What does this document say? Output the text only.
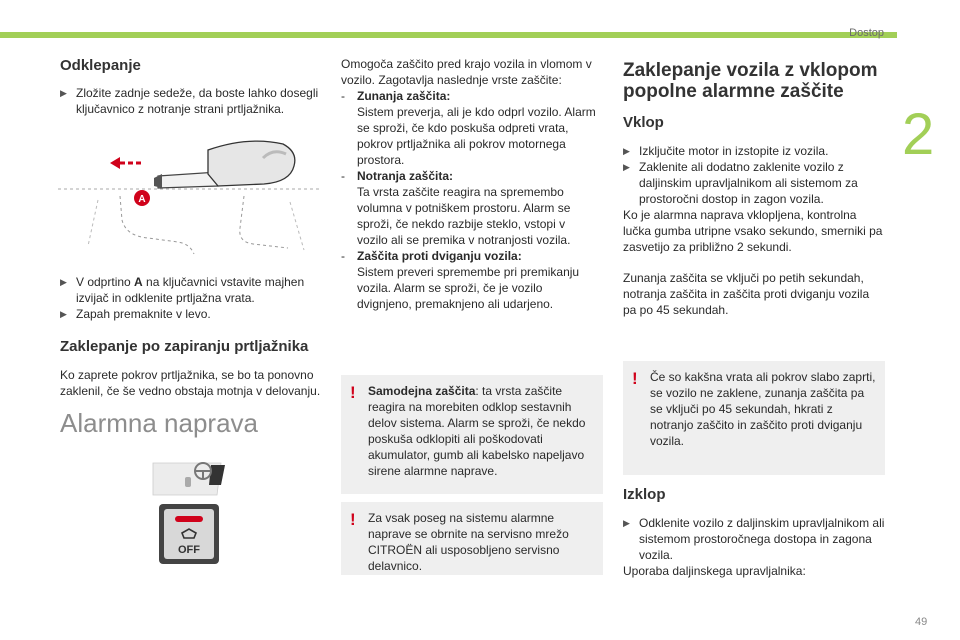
Dostop
2
49
Odklepanje
▶ Zložite zadnje sedeže, da boste lahko dosegli ključavnico z notranje strani prtljažnika.
A
▶ V odprtino A na ključavnici vstavite majhen izvijač in odklenite prtljažna vrata.
▶ Zapah premaknite v levo.
Zaklepanje po zapiranju prtljažnika

Ko zaprete pokrov prtljažnika, se bo ta ponovno zaklenil, če še vedno obstaja motnja v delovanju.

Alarmna naprava
OFF

Omogoča zaščito pred krajo vozila in vlomom v vozilo. Zagotavlja naslednje vrste zaščite:

-	Zunanja zaščita:
Sistem preverja, ali je kdo odprl vozilo. Alarm se sproži, če kdo poskuša odpreti vrata, pokrov prtljažnika ali pokrov motornega prostora.
-	Notranja zaščita:
Ta vrsta zaščite reagira na spremembo volumna v potniškem prostoru. Alarm se sproži, če nekdo razbije steklo, vstopi v vozilo ali se premika v notranjosti vozila.
-	Zaščita proti dviganju vozila:
Sistem preveri spremembe pri premikanju vozila. Alarm se sproži, če je vozilo dvignjeno, premaknjeno ali udarjeno.
! Samodejna zaščita: ta vrsta zaščite reagira na morebiten odklop sestavnih delov sistema. Alarm se sproži, če nekdo poskuša odklopiti ali poškodovati akumulator, gumb ali kabelsko napeljavo sirene alarmne naprave.
! Za vsak poseg na sistemu alarmne naprave se obrnite na servisno mrežo CITROËN ali usposobljeno servisno delavnico.
Zaklepanje vozila z vklopom popolne alarmne zaščite
Vklop
▶ Izključite motor in izstopite iz vozila.
▶ Zaklenite ali dodatno zaklenite vozilo z daljinskim upravljalnikom ali sistemom za prostoročni dostop in zagon vozila.

Ko je alarmna naprava vklopljena, kontrolna lučka gumba utripne vsako sekundo, smerniki pa zasvetijo za približno 2 sekundi.

Zunanja zaščita se vključi po petih sekundah, notranja zaščita in zaščita proti dviganju vozila pa po 45 sekundah.

! Če so kakšna vrata ali pokrov slabo zaprti, se vozilo ne zaklene, zunanja zaščita pa se vključi po 45 sekundah, hkrati z notranjo zaščito in zaščito proti dviganju vozila.
Izklop
▶ Odklenite vozilo z daljinskim upravljalnikom ali sistemom prostoročnega dostopa in zagona vozila.

Uporaba daljinskega upravljalnika:
